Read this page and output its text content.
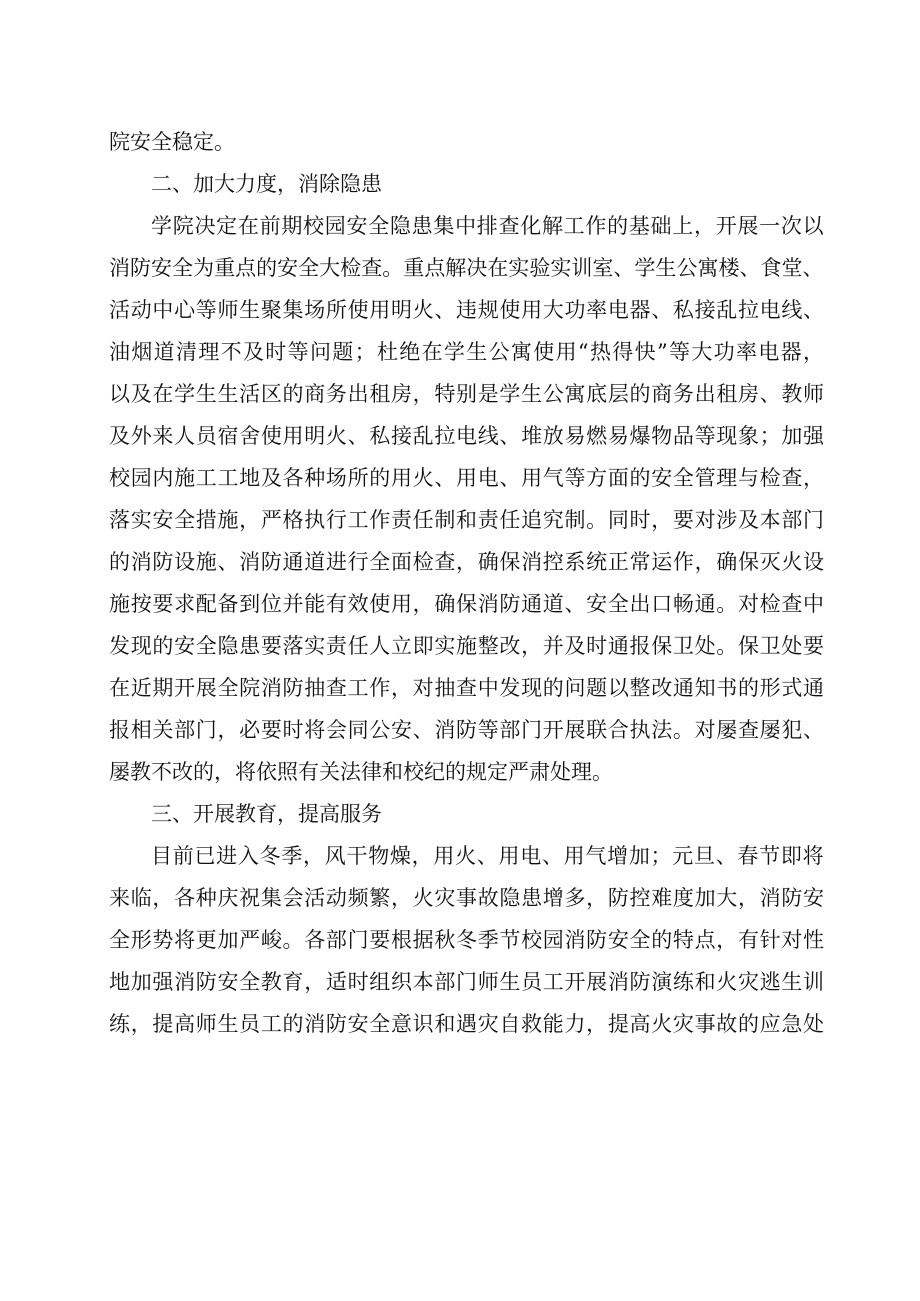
院安全稳定。
二、加大力度，消除隐患
学 院 决 定 在 前 期 校 园 安 全 隐 患 集 中 排 查 化 解 工 作 的 基 础 上 ， 开 展 一 次 以
消 防 安 全 为 重 点 的 安 全 大 检 查 。 重 点 解 决 在 实 验 实 训 室 、 学 生 公 寓 楼 、 食 堂 、
活 动 中 心 等 师 生 聚 集 场 所 使 用 明 火 、 违 规 使 用 大 功 率 电 器 、 私 接 乱 拉 电 线 、
油 烟 道 清 理 不 及 时 等 问 题 ； 杜 绝 在 学 生 公 寓 使 用 “ 热 得 快 ” 等 大 功 率 电 器 ，
以 及 在 学 生 生 活 区 的 商 务 出 租 房 ， 特 别 是 学 生 公 寓 底 层 的 商 务 出 租 房 、 教 师
及 外 来 人 员 宿 舍 使 用 明 火 、 私 接 乱 拉 电 线 、 堆 放 易 燃 易 爆 物 品 等 现 象 ； 加 强
校 园 内 施 工 工 地 及 各 种 场 所 的 用 火 、 用 电 、 用 气 等 方 面 的 安 全 管 理 与 检 查 ，
落 实 安 全 措 施 ， 严 格 执 行 工 作 责 任 制 和 责 任 追 究 制 。 同 时 ， 要 对 涉 及 本 部 门
的 消 防 设 施 、 消 防 通 道 进 行 全 面 检 查 ， 确 保 消 控 系 统 正 常 运 作 ， 确 保 灭 火 设
施 按 要 求 配 备 到 位 并 能 有 效 使 用 ， 确 保 消 防 通 道 、 安 全 出 口 畅 通 。 对 检 查 中
发 现 的 安 全 隐 患 要 落 实 责 任 人 立 即 实 施 整 改 ， 并 及 时 通 报 保 卫 处 。 保 卫 处 要
在 近 期 开 展 全 院 消 防 抽 查 工 作 ， 对 抽 查 中 发 现 的 问 题 以 整 改 通 知 书 的 形 式 通
报 相 关 部 门 ， 必 要 时 将 会 同 公 安 、 消 防 等 部 门 开 展 联 合 执 法 。 对 屡 查 屡 犯 、
屡教不改的，将依照有关法律和校纪的规定严肃处理。
三、开展教育，提高服务
目 前 已 进 入 冬 季 ， 风 干 物 燥 ， 用 火 、 用 电 、 用 气 增 加 ； 元 旦 、 春 节 即 将
来 临 ， 各 种 庆 祝 集 会 活 动 频 繁 ， 火 灾 事 故 隐 患 增 多 ， 防 控 难 度 加 大 ， 消 防 安
全 形 势 将 更 加 严 峻 。 各 部 门 要 根 据 秋 冬 季 节 校 园 消 防 安 全 的 特 点 ， 有 针 对 性
地 加 强 消 防 安 全 教 育 ， 适 时 组 织 本 部 门 师 生 员 工 开 展 消 防 演 练 和 火 灾 逃 生 训
练 ， 提 高 师 生 员 工 的 消 防 安 全 意 识 和 遇 灾 自 救 能 力 ， 提 高 火 灾 事 故 的 应 急 处
